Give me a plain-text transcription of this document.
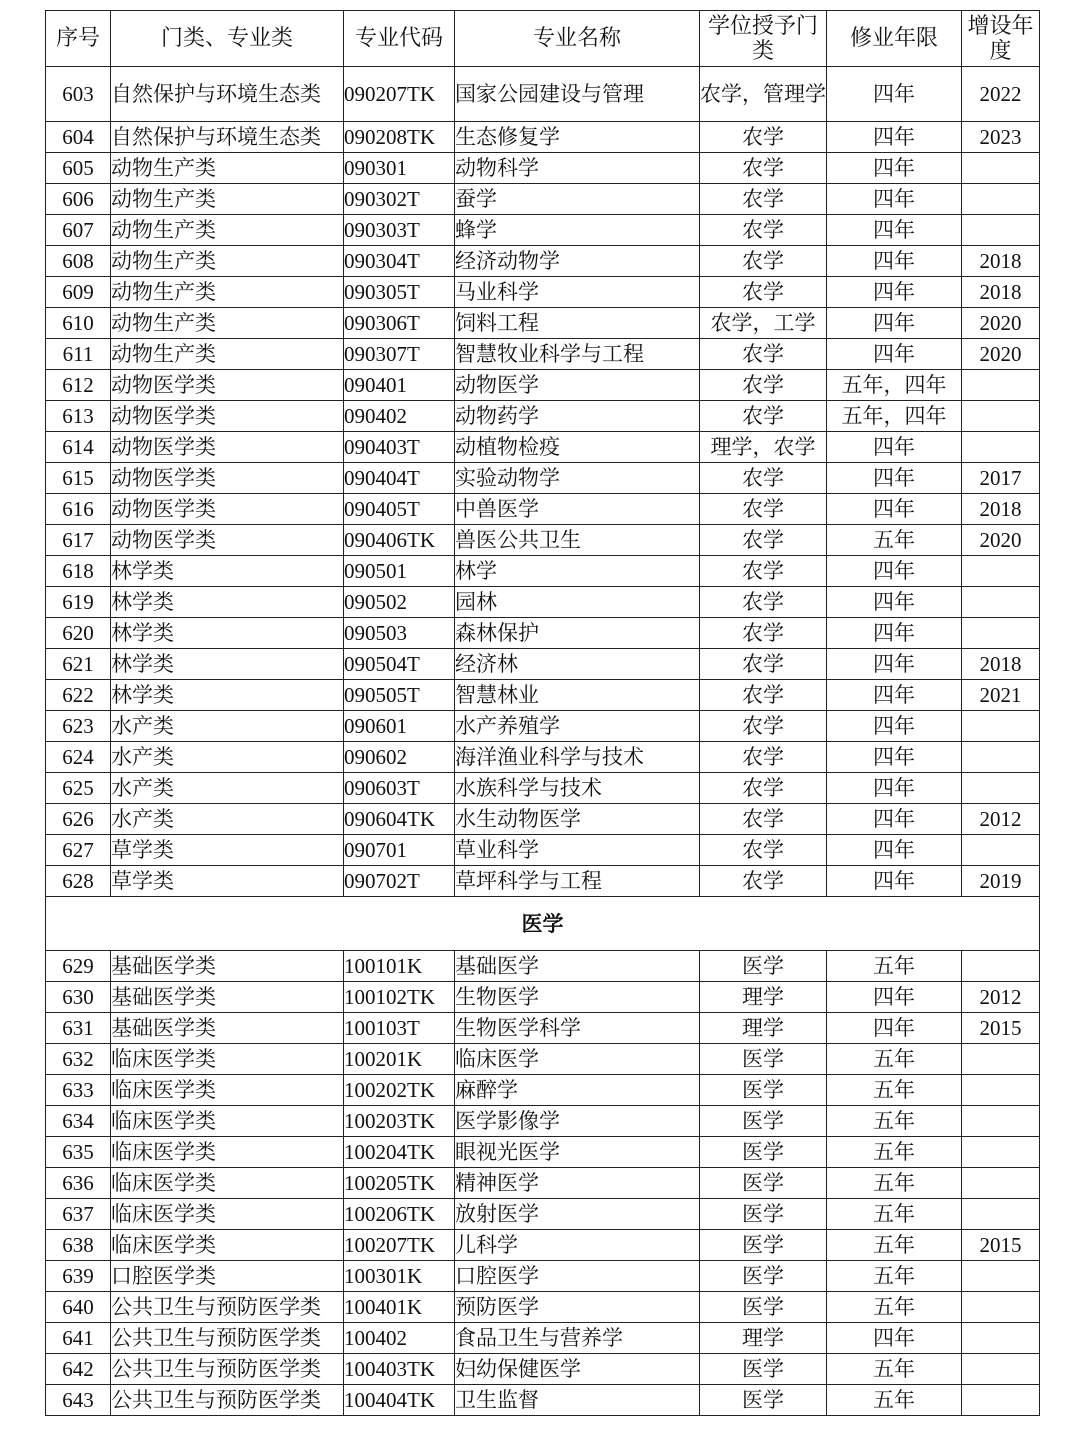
序号	门类、专业类	专业代码	专业名称	学位授予门类	修业年限	增设年度
603	自然保护与环境生态类	090207TK	国家公园建设与管理	农学，管理学	四年	2022
604	自然保护与环境生态类	090208TK	生态修复学	农学	四年	2023
605	动物生产类	090301	动物科学	农学	四年	
606	动物生产类	090302T	蚕学	农学	四年	
607	动物生产类	090303T	蜂学	农学	四年	
608	动物生产类	090304T	经济动物学	农学	四年	2018
609	动物生产类	090305T	马业科学	农学	四年	2018
610	动物生产类	090306T	饲料工程	农学，工学	四年	2020
611	动物生产类	090307T	智慧牧业科学与工程	农学	四年	2020
612	动物医学类	090401	动物医学	农学	五年，四年	
613	动物医学类	090402	动物药学	农学	五年，四年	
614	动物医学类	090403T	动植物检疫	理学，农学	四年	
615	动物医学类	090404T	实验动物学	农学	四年	2017
616	动物医学类	090405T	中兽医学	农学	四年	2018
617	动物医学类	090406TK	兽医公共卫生	农学	五年	2020
618	林学类	090501	林学	农学	四年	
619	林学类	090502	园林	农学	四年	
620	林学类	090503	森林保护	农学	四年	
621	林学类	090504T	经济林	农学	四年	2018
622	林学类	090505T	智慧林业	农学	四年	2021
623	水产类	090601	水产养殖学	农学	四年	
624	水产类	090602	海洋渔业科学与技术	农学	四年	
625	水产类	090603T	水族科学与技术	农学	四年	
626	水产类	090604TK	水生动物医学	农学	四年	2012
627	草学类	090701	草业科学	农学	四年	
628	草学类	090702T	草坪科学与工程	农学	四年	2019
医学						
629	基础医学类	100101K	基础医学	医学	五年	
630	基础医学类	100102TK	生物医学	理学	四年	2012
631	基础医学类	100103T	生物医学科学	理学	四年	2015
632	临床医学类	100201K	临床医学	医学	五年	
633	临床医学类	100202TK	麻醉学	医学	五年	
634	临床医学类	100203TK	医学影像学	医学	五年	
635	临床医学类	100204TK	眼视光医学	医学	五年	
636	临床医学类	100205TK	精神医学	医学	五年	
637	临床医学类	100206TK	放射医学	医学	五年	
638	临床医学类	100207TK	儿科学	医学	五年	2015
639	口腔医学类	100301K	口腔医学	医学	五年	
640	公共卫生与预防医学类	100401K	预防医学	医学	五年	
641	公共卫生与预防医学类	100402	食品卫生与营养学	理学	四年	
642	公共卫生与预防医学类	100403TK	妇幼保健医学	医学	五年	
643	公共卫生与预防医学类	100404TK	卫生监督	医学	五年	
